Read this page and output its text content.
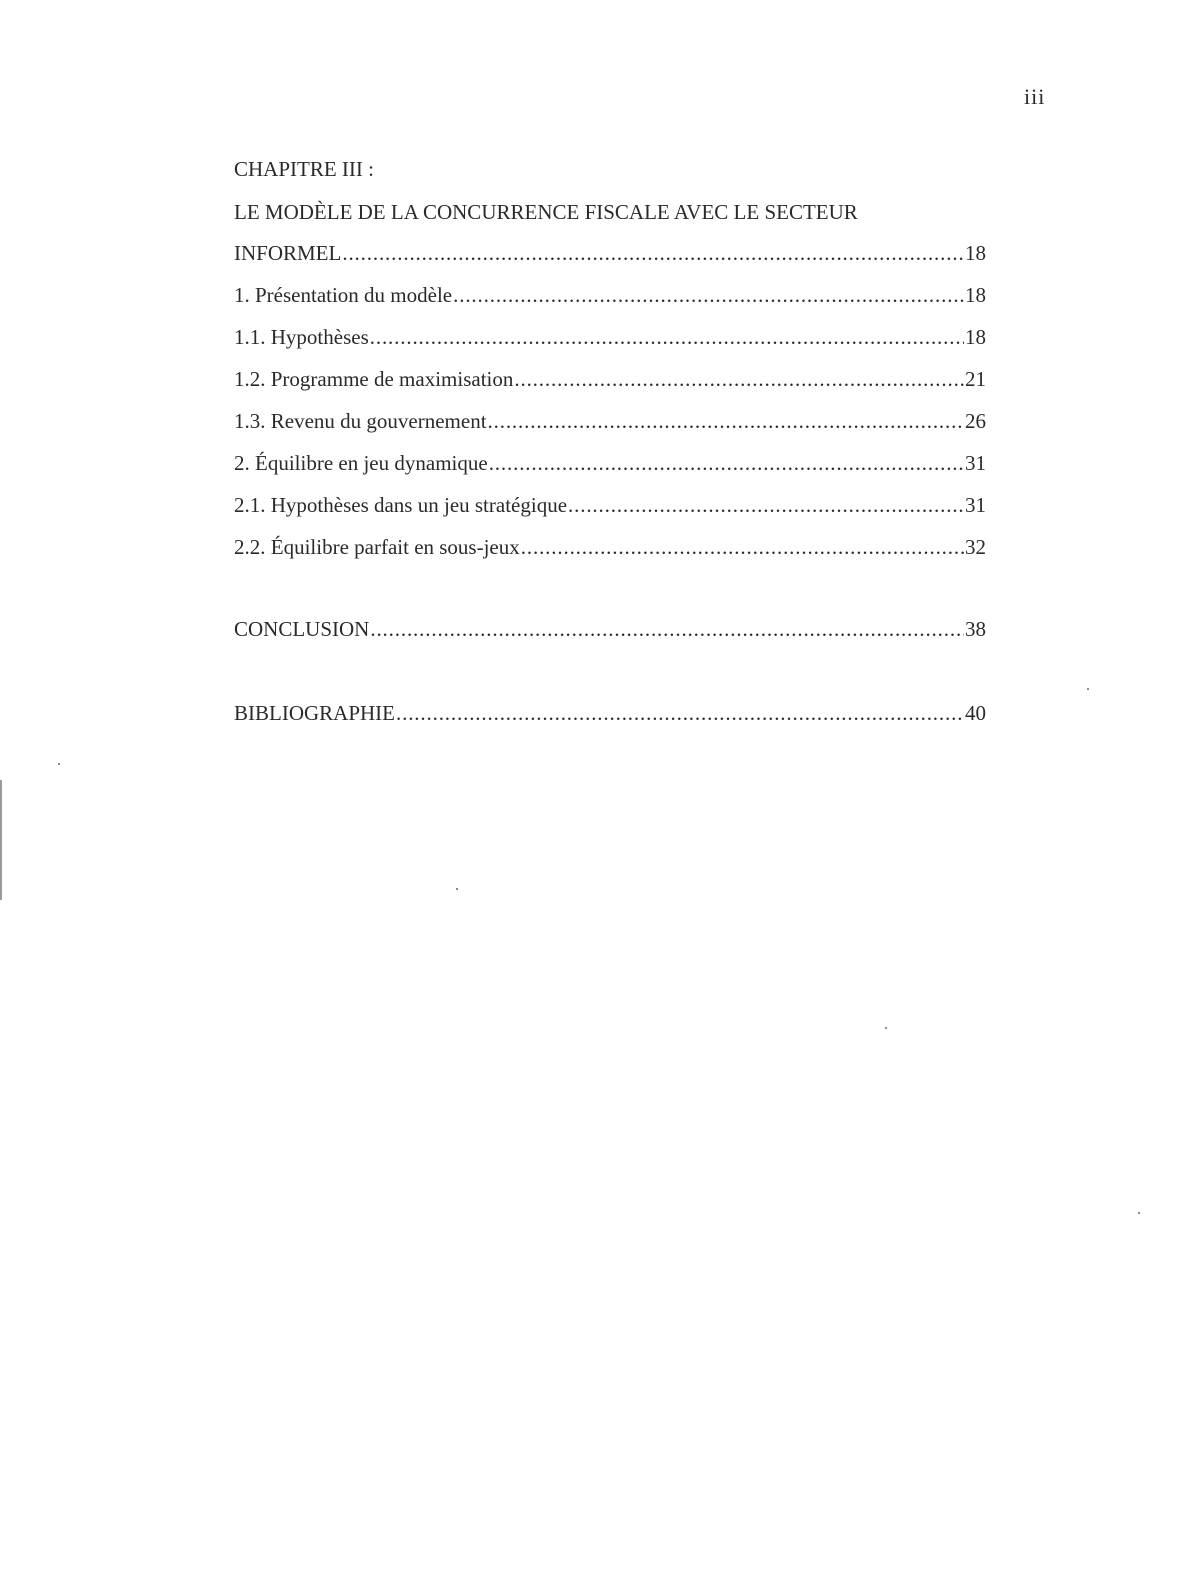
iii
CHAPITRE III :
LE MODÈLE DE LA CONCURRENCE FISCALE AVEC LE SECTEUR
INFORMEL . . .	18
1. Présentation du modèle . . .	18
1.1. Hypothèses . . .	18
1.2. Programme de maximisation . . .	21
1.3. Revenu du gouvernement . . .	26
2. Équilibre en jeu dynamique . . .	31
2.1. Hypothèses dans un jeu stratégique . . .	31
2.2. Équilibre parfait en sous-jeux . . .	32
CONCLUSION . . .	38
BIBLIOGRAPHIE . . .	40
